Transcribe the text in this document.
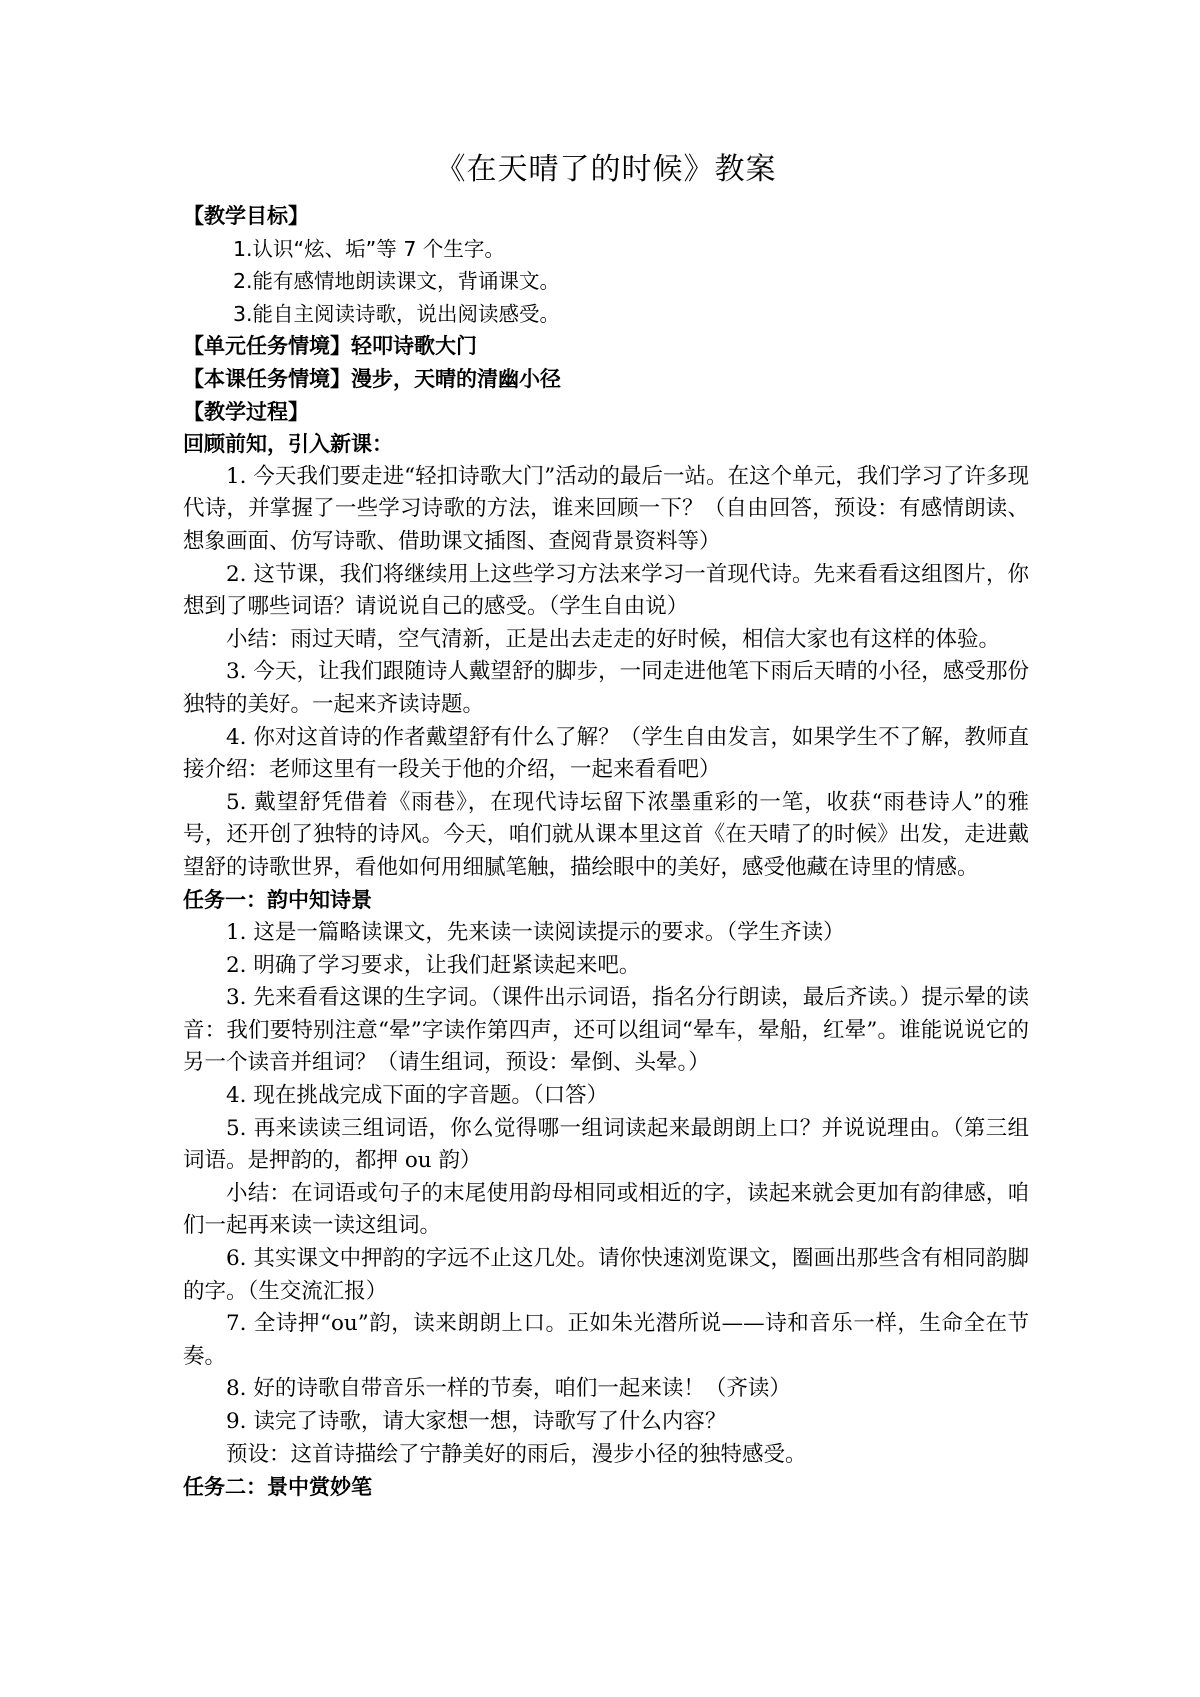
《在天晴了的时候》教案

【教学目标】

1.认识“炫、垢”等 7 个生字。

2.能有感情地朗读课文，背诵课文。

3.能自主阅读诗歌，说出阅读感受。

【单元任务情境】轻叩诗歌大门

【本课任务情境】漫步，天晴的清幽小径

【教学过程】

回顾前知，引入新课：

1. 今天我们要走进“轻扣诗歌大门”活动的最后一站。在这个单元，我们学习了许多现代诗，并掌握了一些学习诗歌的方法，谁来回顾一下？（自由回答，预设：有感情朗读、想象画面、仿写诗歌、借助课文插图、查阅背景资料等）

2. 这节课，我们将继续用上这些学习方法来学习一首现代诗。先来看看这组图片，你想到了哪些词语？请说说自己的感受。（学生自由说）

小结：雨过天晴，空气清新，正是出去走走的好时候，相信大家也有这样的体验。

3. 今天，让我们跟随诗人戴望舒的脚步，一同走进他笔下雨后天晴的小径，感受那份独特的美好。一起来齐读诗题。

4. 你对这首诗的作者戴望舒有什么了解？（学生自由发言，如果学生不了解，教师直接介绍：老师这里有一段关于他的介绍，一起来看看吧）

5. 戴望舒凭借着《雨巷》，在现代诗坛留下浓墨重彩的一笔，收获“雨巷诗人”的雅号，还开创了独特的诗风。今天，咱们就从课本里这首《在天晴了的时候》出发，走进戴望舒的诗歌世界，看他如何用细腻笔触，描绘眼中的美好，感受他藏在诗里的情感。

任务一：韵中知诗景

1. 这是一篇略读课文，先来读一读阅读提示的要求。（学生齐读）

2. 明确了学习要求，让我们赶紧读起来吧。

3. 先来看看这课的生字词。（课件出示词语，指名分行朗读，最后齐读。）提示晕的读音：我们要特别注意“晕”字读作第四声，还可以组词“晕车，晕船，红晕”。谁能说说它的另一个读音并组词？（请生组词，预设：晕倒、头晕。）

4. 现在挑战完成下面的字音题。（口答）

5. 再来读读三组词语，你么觉得哪一组词读起来最朗朗上口？并说说理由。（第三组词语。是押韵的，都押 ou 韵）

小结：在词语或句子的末尾使用韵母相同或相近的字，读起来就会更加有韵律感，咱们一起再来读一读这组词。

6. 其实课文中押韵的字远不止这几处。请你快速浏览课文，圈画出那些含有相同韵脚的字。（生交流汇报）

7. 全诗押“ou”韵，读来朗朗上口。正如朱光潜所说——诗和音乐一样，生命全在节奏。

8. 好的诗歌自带音乐一样的节奏，咱们一起来读！（齐读）

9. 读完了诗歌，请大家想一想，诗歌写了什么内容？

预设：这首诗描绘了宁静美好的雨后，漫步小径的独特感受。

任务二：景中赏妙笔
